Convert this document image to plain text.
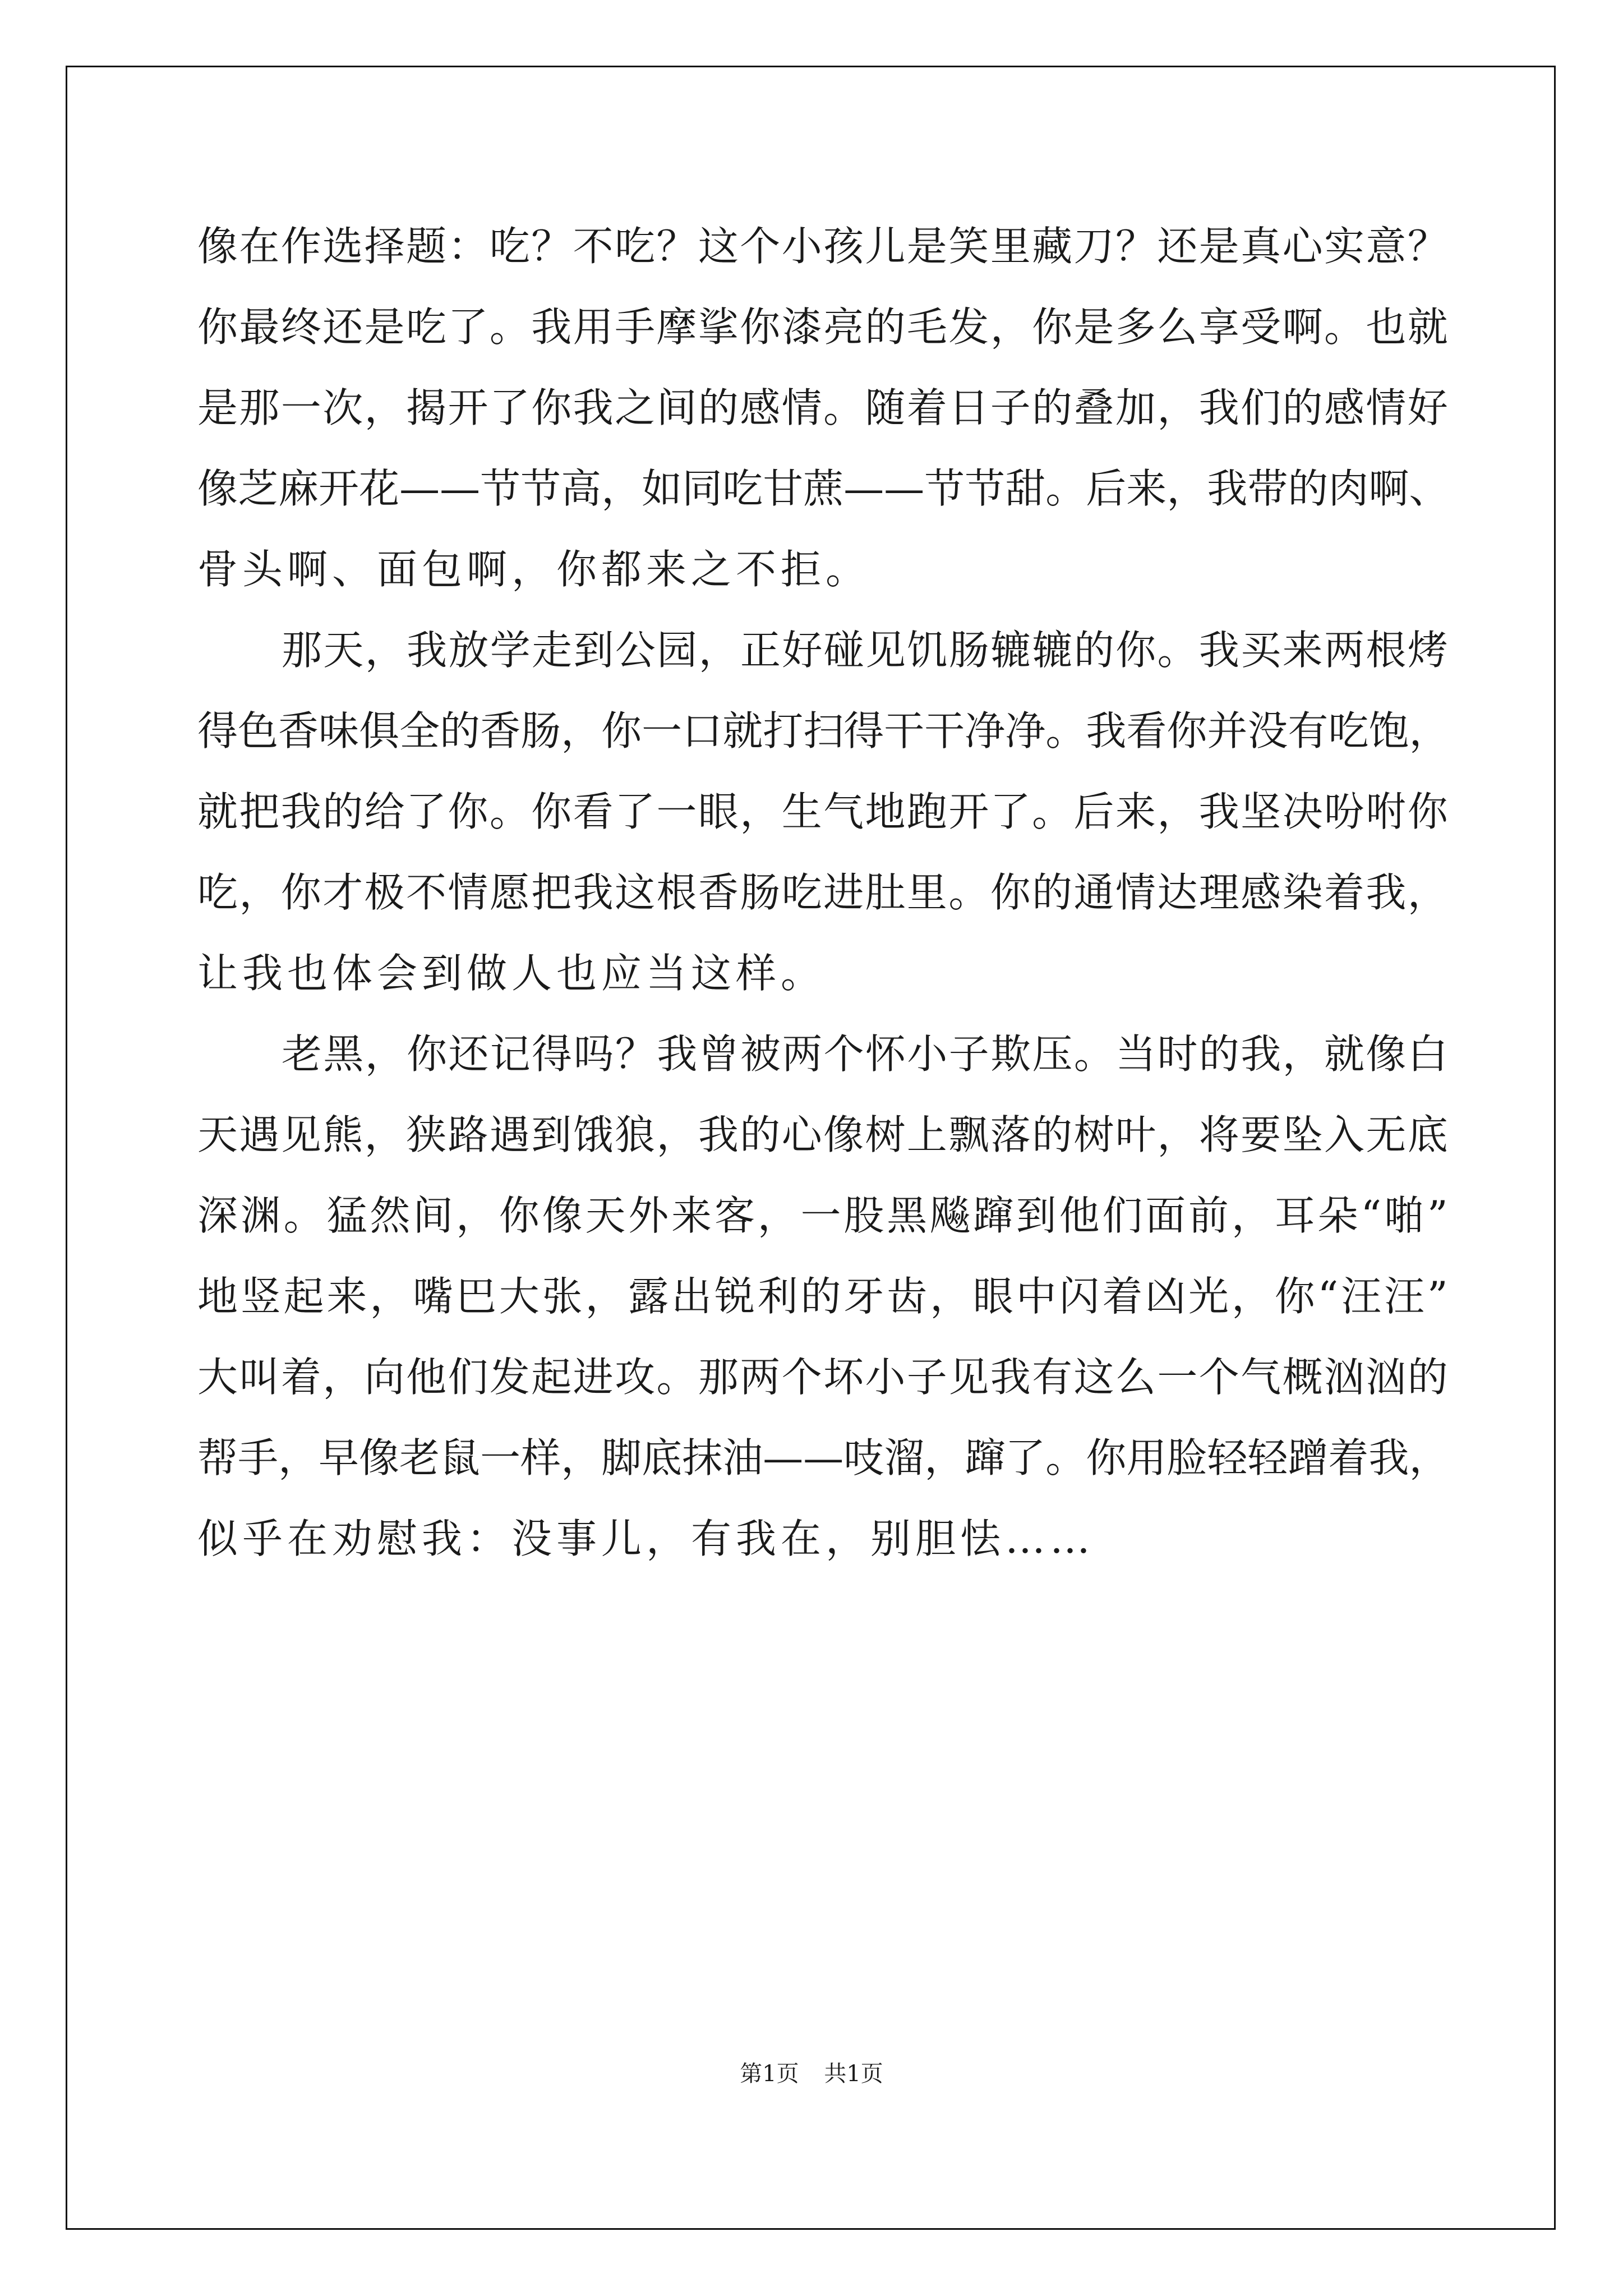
像 在 作 选 择 题 ： 吃 ？ 不 吃 ？ 这 个 小 孩 儿 是 笑 里 藏 刀 ？ 还 是 真 心 实 意 ？
你 最 终 还 是 吃 了 。 我 用 手 摩 挲 你 漆 亮 的 毛 发 ， 你 是 多 么 享 受 啊 。 也 就
是 那 一 次 ， 揭 开 了 你 我 之 间 的 感 情 。 随 着 日 子 的 叠 加 ， 我 们 的 感 情 好
像 芝 麻 开 花 — — 节 节 高 ， 如 同 吃 甘 蔗 — — 节 节 甜 。 后 来 ， 我 带 的 肉 啊 、
骨头啊、面包啊，你都来之不拒。
那 天 ， 我 放 学 走 到 公 园 ， 正 好 碰 见 饥 肠 辘 辘 的 你 。 我 买 来 两 根 烤
得 色 香 味 俱 全 的 香 肠 ， 你 一 口 就 打 扫 得 干 干 净 净 。 我 看 你 并 没 有 吃 饱 ，
就 把 我 的 给 了 你 。 你 看 了 一 眼 ， 生 气 地 跑 开 了 。 后 来 ， 我 坚 决 吩 咐 你
吃 ， 你 才 极 不 情 愿 把 我 这 根 香 肠 吃 进 肚 里 。 你 的 通 情 达 理 感 染 着 我 ，
让我也体会到做人也应当这样。
老 黑 ， 你 还 记 得 吗 ？ 我 曾 被 两 个 怀 小 子 欺 压 。 当 时 的 我 ， 就 像 白
天 遇 见 熊 ， 狭 路 遇 到 饿 狼 ， 我 的 心 像 树 上 飘 落 的 树 叶 ， 将 要 坠 入 无 底
深 渊 。 猛 然 间 ， 你 像 天 外 来 客 ， 一 股 黑 飚 蹿 到 他 们 面 前 ， 耳 朵 “ 啪 ”
地 竖 起 来 ， 嘴 巴 大 张 ， 露 出 锐 利 的 牙 齿 ， 眼 中 闪 着 凶 光 ， 你 “ 汪 汪 ”
大 叫 着 ， 向 他 们 发 起 进 攻 。 那 两 个 坏 小 子 见 我 有 这 么 一 个 气 概 汹 汹 的
帮 手 ， 早 像 老 鼠 一 样 ， 脚 底 抹 油 — — 吱 溜 ， 蹿 了 。 你 用 脸 轻 轻 蹭 着 我 ，
似乎在劝慰我：没事儿，有我在，别胆怯……
第1页 共1页
